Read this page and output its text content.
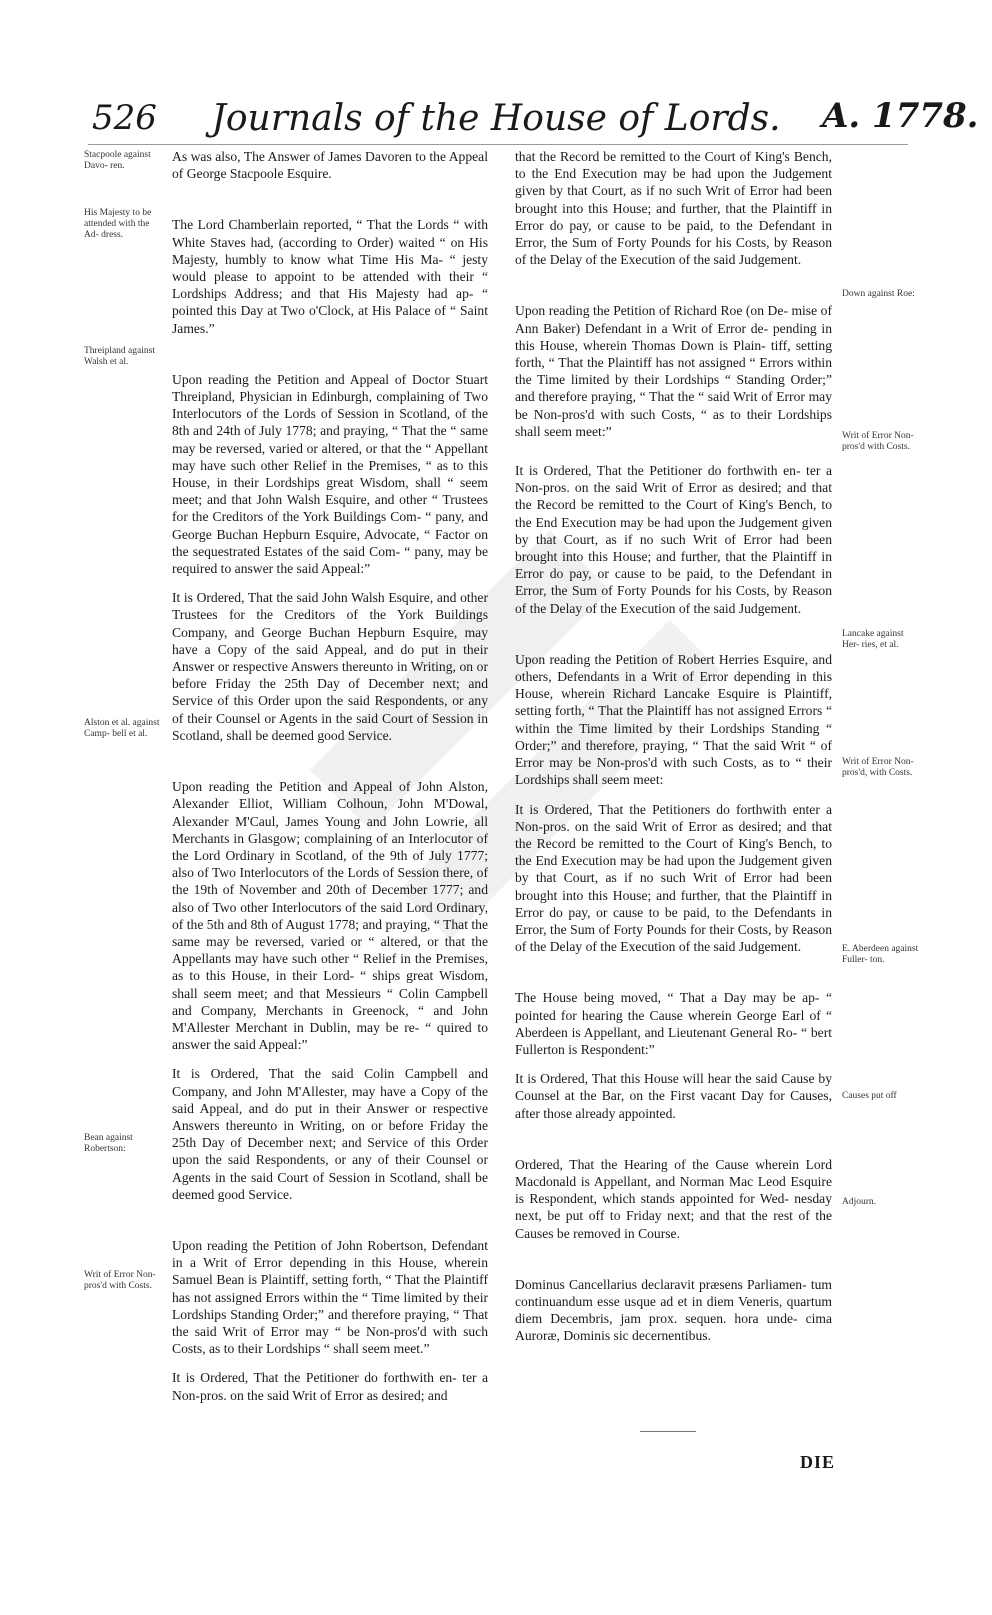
526	Journals of the House of Lords.	A. 1778.

As was also, The Answer of James Davoren to the Appeal of George Stacpoole Esquire.

The Lord Chamberlain reported, “ That the Lords “ with White Staves had, (according to Order) waited “ on His Majesty, humbly to know what Time His Ma- “ jesty would please to appoint to be attended with their “ Lordships Address; and that His Majesty had ap- “ pointed this Day at Two o'Clock, at His Palace of “ Saint James.”

Upon reading the Petition and Appeal of Doctor Stuart Threipland, Physician in Edinburgh, complaining of Two Interlocutors of the Lords of Session in Scotland, of the 8th and 24th of July 1778; and praying, “ That the “ same may be reversed, varied or altered, or that the “ Appellant may have such other Relief in the Premises, “ as to this House, in their Lordships great Wisdom, shall “ seem meet; and that John Walsh Esquire, and other “ Trustees for the Creditors of the York Buildings Com- “ pany, and George Buchan Hepburn Esquire, Advocate, “ Factor on the sequestrated Estates of the said Com- “ pany, may be required to answer the said Appeal:”

It is Ordered, That the said John Walsh Esquire, and other Trustees for the Creditors of the York Buildings Company, and George Buchan Hepburn Esquire, may have a Copy of the said Appeal, and do put in their Answer or respective Answers thereunto in Writing, on or before Friday the 25th Day of December next; and Service of this Order upon the said Respondents, or any of their Counsel or Agents in the said Court of Session in Scotland, shall be deemed good Service.

Upon reading the Petition and Appeal of John Alston, Alexander Elliot, William Colhoun, John M'Dowal, Alexander M'Caul, James Young and John Lowrie, all Merchants in Glasgow; complaining of an Interlocutor of the Lord Ordinary in Scotland, of the 9th of July 1777; also of Two Interlocutors of the Lords of Session there, of the 19th of November and 20th of December 1777; and also of Two other Interlocutors of the said Lord Ordinary, of the 5th and 8th of August 1778; and praying, “ That the same may be reversed, varied or “ altered, or that the Appellants may have such other “ Relief in the Premises, as to this House, in their Lord- “ ships great Wisdom, shall seem meet; and that Messieurs “ Colin Campbell and Company, Merchants in Greenock, “ and John M'Allester Merchant in Dublin, may be re- “ quired to answer the said Appeal:”

It is Ordered, That the said Colin Campbell and Company, and John M'Allester, may have a Copy of the said Appeal, and do put in their Answer or respective Answers thereunto in Writing, on or before Friday the 25th Day of December next; and Service of this Order upon the said Respondents, or any of their Counsel or Agents in the said Court of Session in Scotland, shall be deemed good Service.

Upon reading the Petition of John Robertson, Defendant in a Writ of Error depending in this House, wherein Samuel Bean is Plaintiff, setting forth, “ That the Plaintiff has not assigned Errors within the “ Time limited by their Lordships Standing Order;” and therefore praying, “ That the said Writ of Error may “ be Non-pros'd with such Costs, as to their Lordships “ shall seem meet.”

It is Ordered, That the Petitioner do forthwith en- ter a Non-pros. on the said Writ of Error as desired; and

that the Record be remitted to the Court of King's Bench, to the End Execution may be had upon the Judgement given by that Court, as if no such Writ of Error had been brought into this House; and further, that the Plaintiff in Error do pay, or cause to be paid, to the Defendant in Error, the Sum of Forty Pounds for his Costs, by Reason of the Delay of the Execution of the said Judgement.

Upon reading the Petition of Richard Roe (on De- mise of Ann Baker) Defendant in a Writ of Error de- pending in this House, wherein Thomas Down is Plain- tiff, setting forth, “ That the Plaintiff has not assigned “ Errors within the Time limited by their Lordships “ Standing Order;” and therefore praying, “ That the “ said Writ of Error may be Non-pros'd with such Costs, “ as to their Lordships shall seem meet:”

It is Ordered, That the Petitioner do forthwith en- ter a Non-pros. on the said Writ of Error as desired; and that the Record be remitted to the Court of King's Bench, to the End Execution may be had upon the Judgement given by that Court, as if no such Writ of Error had been brought into this House; and further, that the Plaintiff in Error do pay, or cause to be paid, to the Defendant in Error, the Sum of Forty Pounds for his Costs, by Reason of the Delay of the Execution of the said Judgement.

Upon reading the Petition of Robert Herries Esquire, and others, Defendants in a Writ of Error depending in this House, wherein Richard Lancake Esquire is Plaintiff, setting forth, “ That the Plaintiff has not assigned Errors “ within the Time limited by their Lordships Standing “ Order;” and therefore, praying, “ That the said Writ “ of Error may be Non-pros'd with such Costs, as to “ their Lordships shall seem meet:

It is Ordered, That the Petitioners do forthwith enter a Non-pros. on the said Writ of Error as desired; and that the Record be remitted to the Court of King's Bench, to the End Execution may be had upon the Judgement given by that Court, as if no such Writ of Error had been brought into this House; and further, that the Plaintiff in Error do pay, or cause to be paid, to the Defendants in Error, the Sum of Forty Pounds for their Costs, by Reason of the Delay of the Execution of the said Judgement.

The House being moved, “ That a Day may be ap- “ pointed for hearing the Cause wherein George Earl of “ Aberdeen is Appellant, and Lieutenant General Ro- “ bert Fullerton is Respondent:”

It is Ordered, That this House will hear the said Cause by Counsel at the Bar, on the First vacant Day for Causes, after those already appointed.

Ordered, That the Hearing of the Cause wherein Lord Macdonald is Appellant, and Norman Mac Leod Esquire is Respondent, which stands appointed for Wed- nesday next, be put off to Friday next; and that the rest of the Causes be removed in Course.

Dominus Cancellarius declaravit præsens Parliamen- tum continuandum esse usque ad et in diem Veneris, quartum diem Decembris, jam prox. sequen. hora unde- cima Auroræ, Dominis sic decernentibus.

Stacpoole against Davo- ren.
His Majesty to be attended with the Ad- dress.
Threipland against Walsh et al.
Alston et al. against Camp- bell et al.
Bean against Robertson:
Writ of Error Non-pros'd with Costs.
Down against Roe:
Writ of Error Non-pros'd with Costs.
Lancake against Her- ries, et al.
Writ of Error Non-pros'd, with Costs.
E. Aberdeen against Fuller- ton.
Causes put off
Adjourn.
DIE
